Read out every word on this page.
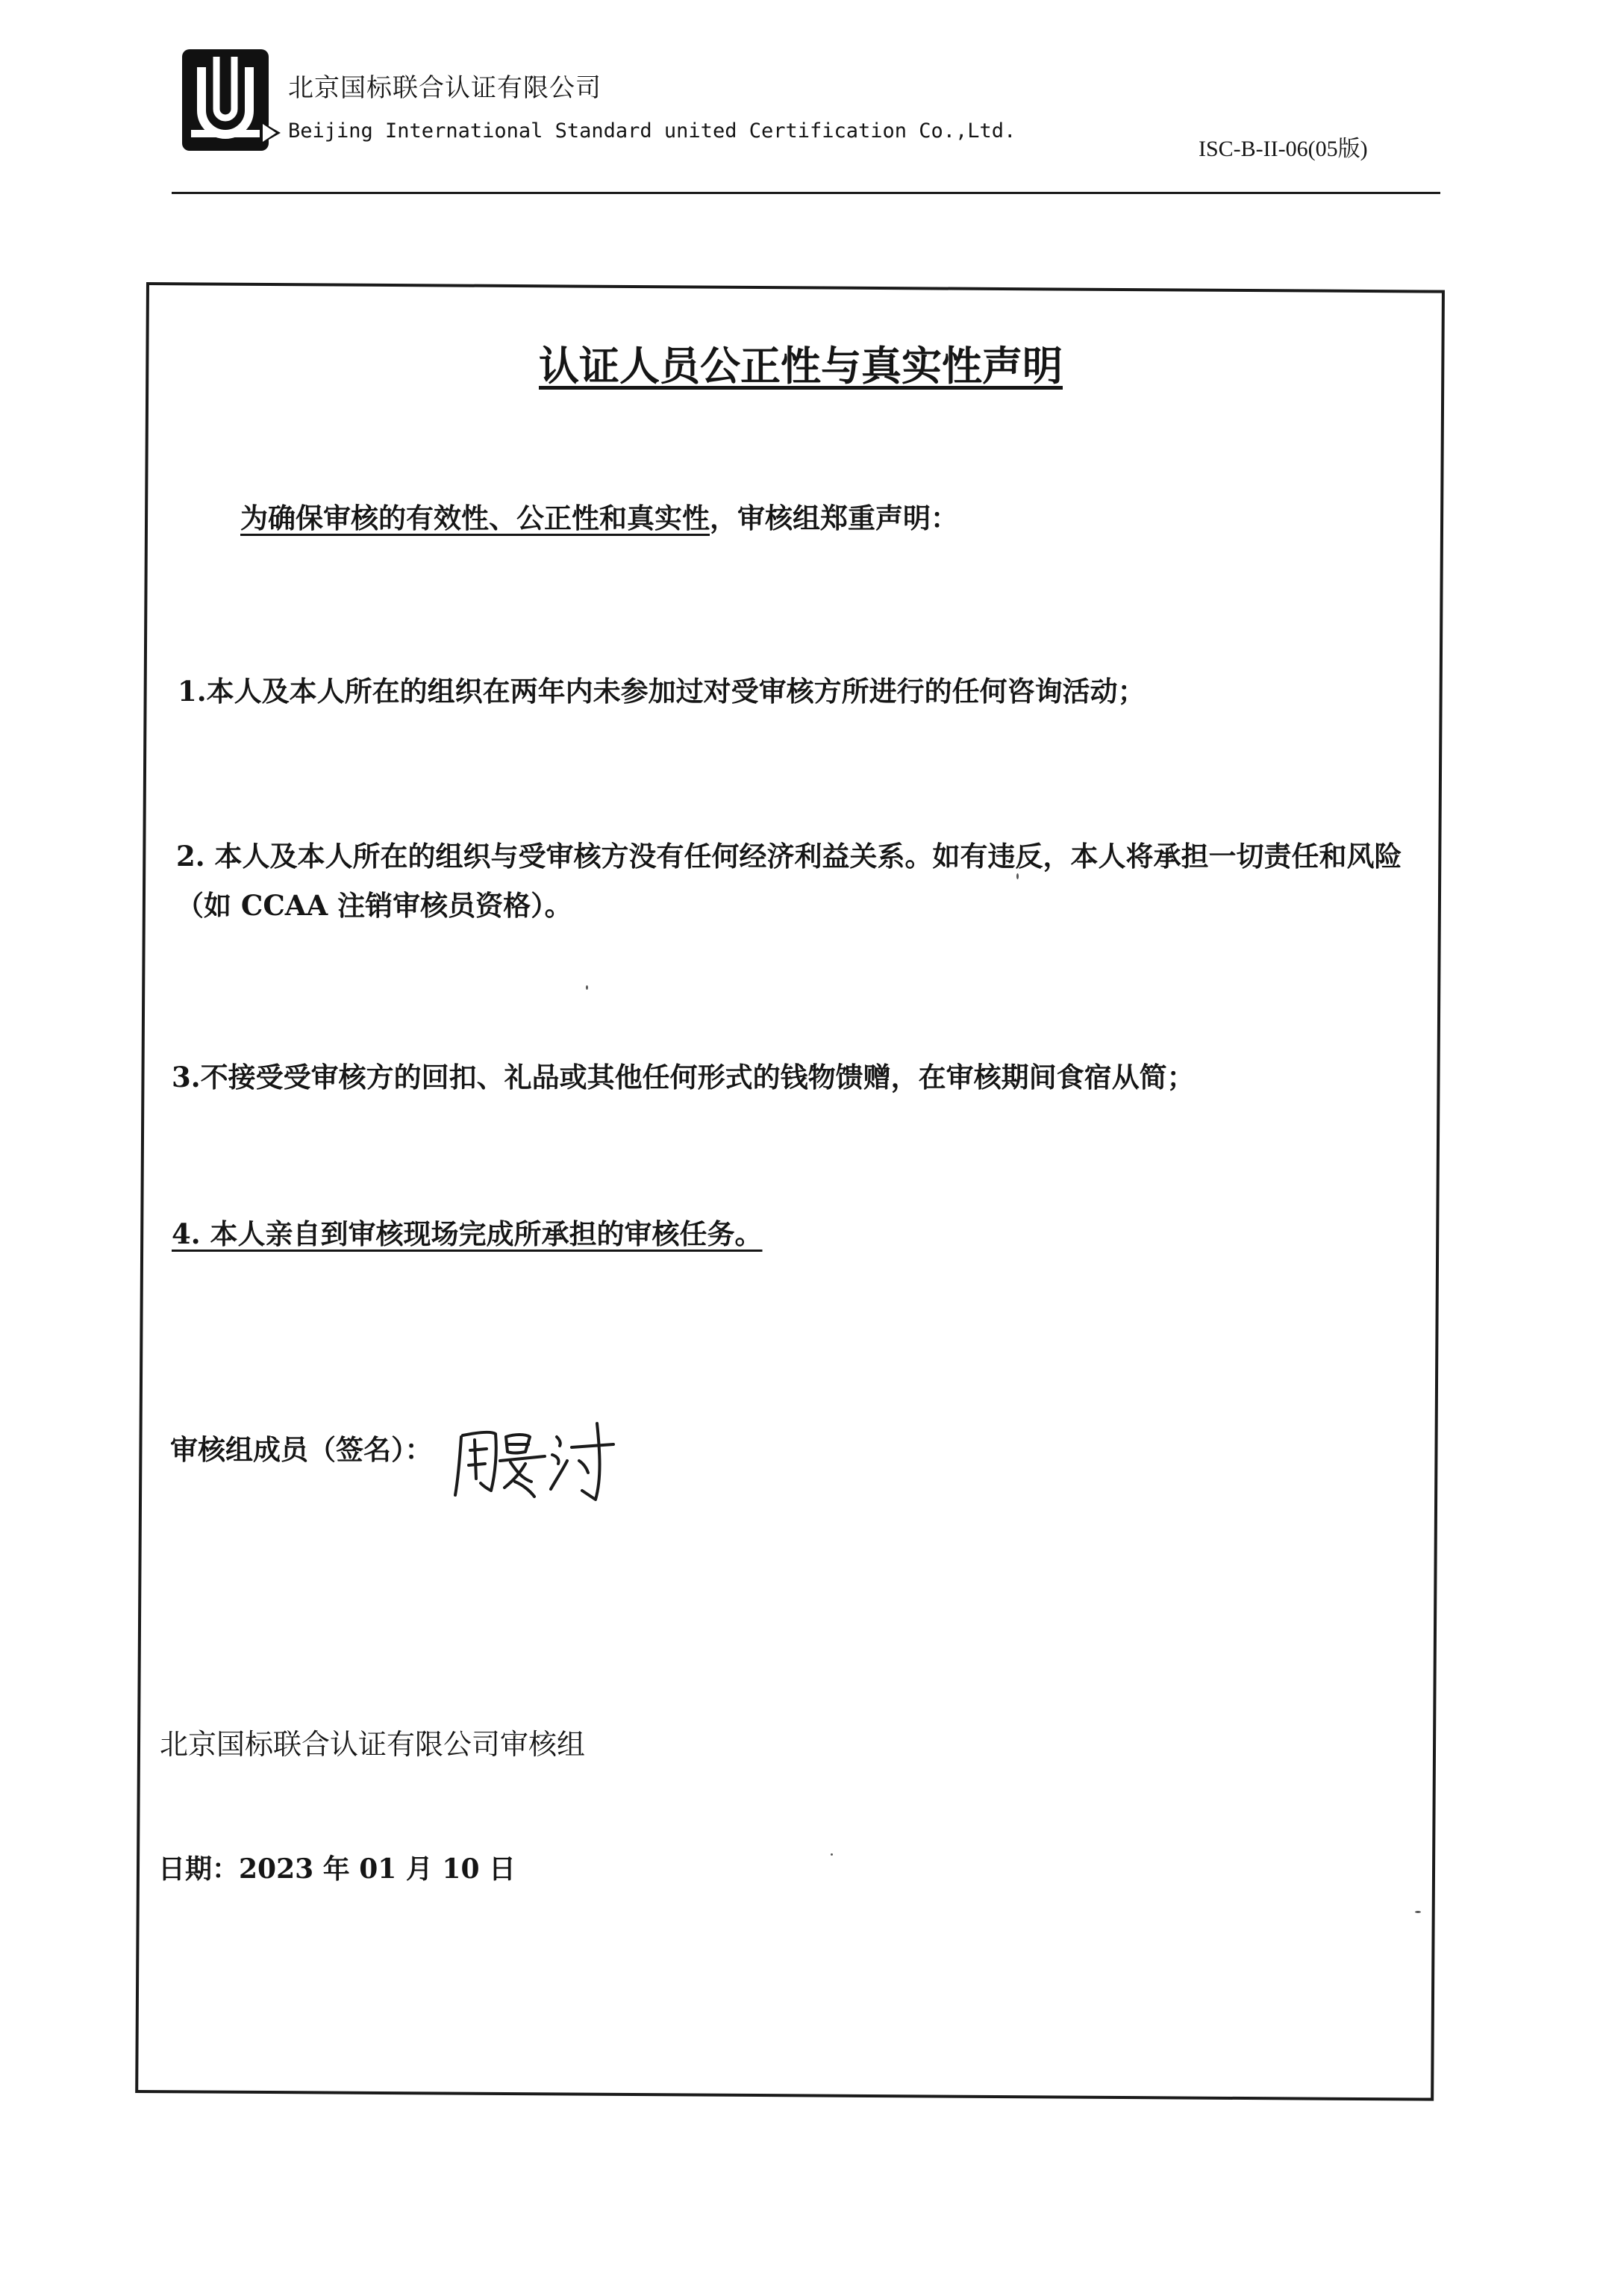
北京国标联合认证有限公司
Beijing International Standard united Certification Co.,Ltd.
ISC-B-II-06(05版)
认证人员公正性与真实性声明
为确保审核的有效性、公正性和真实性，审核组郑重声明：
1.本人及本人所在的组织在两年内未参加过对受审核方所进行的任何咨询活动；
2. 本人及本人所在的组织与受审核方没有任何经济利益关系。如有违反，本人将承担一切责任和风险（如 CCAA 注销审核员资格）。
3.不接受受审核方的回扣、礼品或其他任何形式的钱物馈赠，在审核期间食宿从简；
4. 本人亲自到审核现场完成所承担的审核任务。
审核组成员（签名）：
北京国标联合认证有限公司审核组
日期：2023 年 01 月 10 日
